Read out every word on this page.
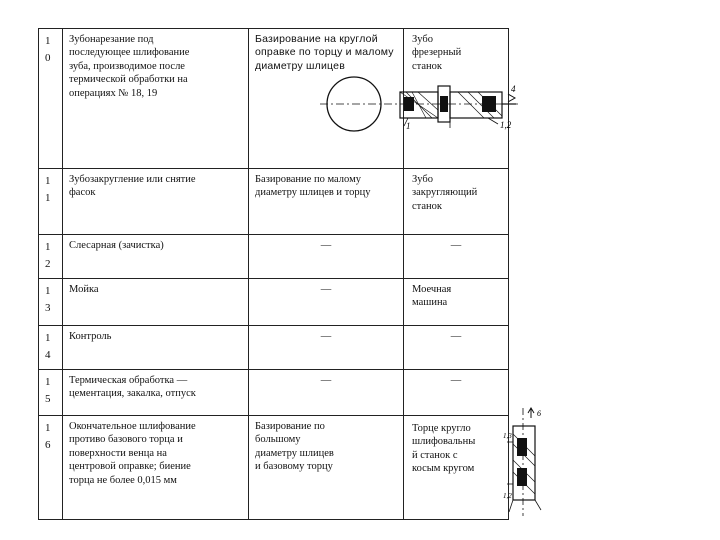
1
0	Зубонарезание под
последующее шлифование
зуба, производимое после
термической обработки на
операциях № 18, 19	Базирование на круглой
оправке по торцу и малому
диаметру шлицев	Зубо
фрезерный
станок

1
1	Зубозакругление или снятие
фасок	Базирование по малому
диаметру шлицев и торцу	Зубо
закругляющий
станок

1
2	Слесарная (зачистка)	—	—

1
3	Мойка	—	Моечная
машина

1
4	Контроль	—	—

1
5	Термическая обработка —
цементация, закалка, отпуск	—	—

1
6	Окончательное шлифование
противо базового торца и
поверхности венца на
центровой оправке; биение
торца не более 0,015 мм	Базирование по
большому
диаметру шлицев
и базовому торцу	Торце кругло
шлифовальны
й станок с
косым кругом
1	1,2
4
6
1,3
1,2
